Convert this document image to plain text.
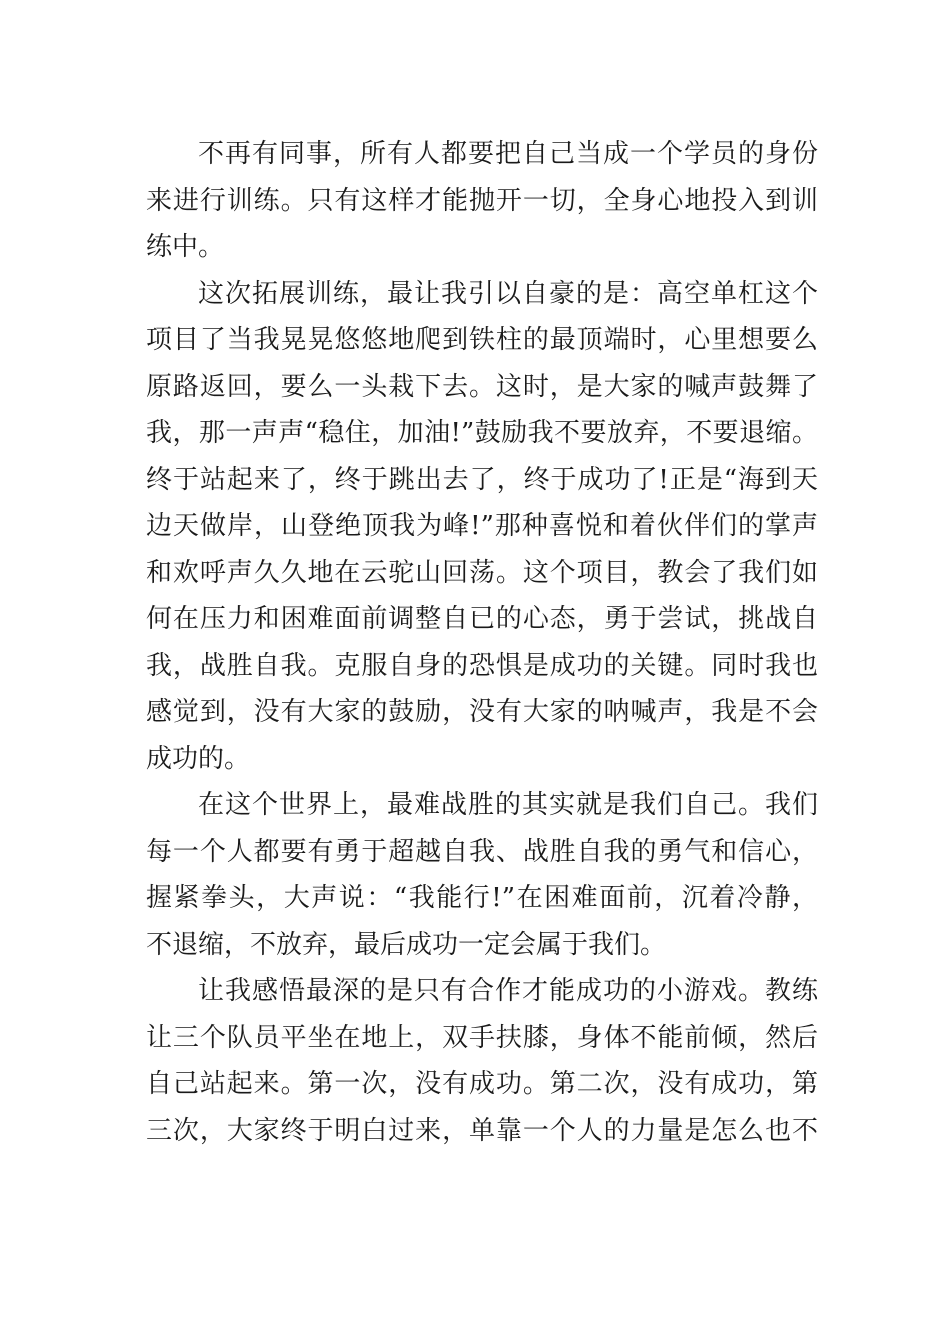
不再有同事，所有人都要把自己当成一个学员的身份
来进行训练。只有这样才能抛开一切，全身心地投入到训
练中。
这次拓展训练，最让我引以自豪的是：高空单杠这个
项目了当我晃晃悠悠地爬到铁柱的最顶端时，心里想要么
原路返回，要么一头栽下去。这时，是大家的喊声鼓舞了
我，那一声声“稳住，加油!”鼓励我不要放弃，不要退缩。
终于站起来了，终于跳出去了，终于成功了!正是“海到天
边天做岸，山登绝顶我为峰!”那种喜悦和着伙伴们的掌声
和欢呼声久久地在云驼山回荡。这个项目，教会了我们如
何在压力和困难面前调整自已的心态，勇于尝试，挑战自
我，战胜自我。克服自身的恐惧是成功的关键。同时我也
感觉到，没有大家的鼓励，没有大家的呐喊声，我是不会
成功的。
在这个世界上，最难战胜的其实就是我们自己。我们
每一个人都要有勇于超越自我、战胜自我的勇气和信心，
握紧拳头，大声说：“我能行!”在困难面前，沉着冷静，
不退缩，不放弃，最后成功一定会属于我们。
让我感悟最深的是只有合作才能成功的小游戏。教练
让三个队员平坐在地上，双手扶膝，身体不能前倾，然后
自己站起来。第一次，没有成功。第二次，没有成功，第
三次，大家终于明白过来，单靠一个人的力量是怎么也不
